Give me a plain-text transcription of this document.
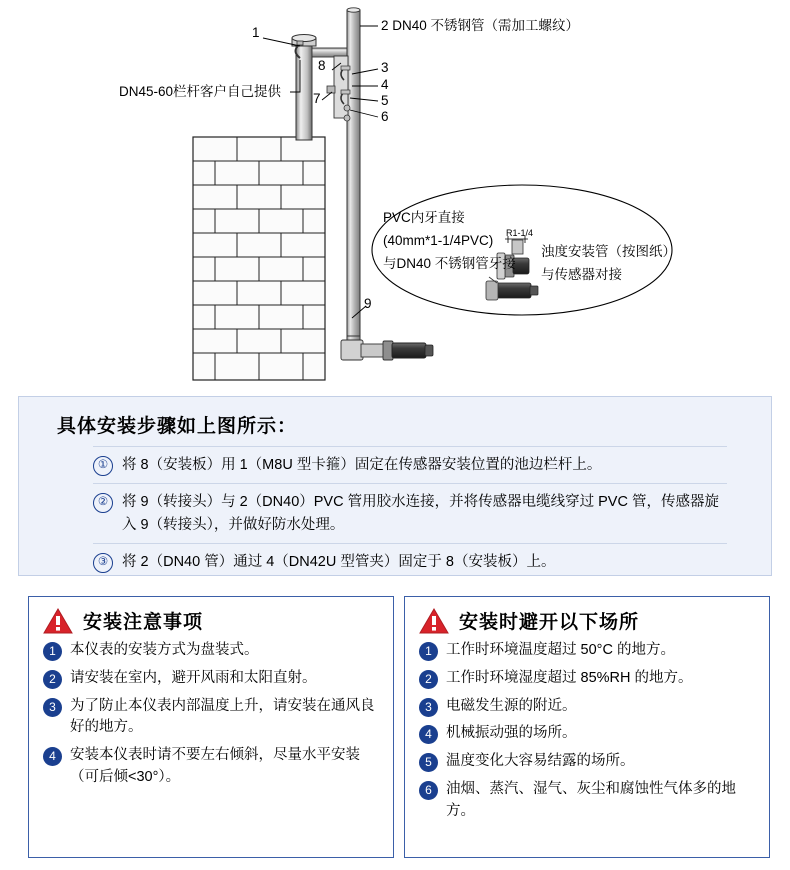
DN45-60栏杆客户自己提供
2 DN40 不锈钢管（需加工螺纹）
PVC内牙直接
(40mm*1-1/4PVC)
与DN40 不锈钢管牙接
浊度安装管（按图纸）
与传感器对接
R1-1/4
1
3
4
5
6
7
8
9
具体安装步骤如上图所示：
① 将 8（安装板）用 1（M8U 型卡箍）固定在传感器安装位置的池边栏杆上。
② 将 9（转接头）与 2（DN40）PVC 管用胶水连接，并将传感器电缆线穿过 PVC 管，传感器旋入 9（转接头），并做好防水处理。
③ 将 2（DN40 管）通过 4（DN42U 型管夹）固定于 8（安装板）上。
安装注意事项
1 本仪表的安装方式为盘装式。
2 请安装在室内，避开风雨和太阳直射。
3 为了防止本仪表内部温度上升，请安装在通风良好的地方。
4 安装本仪表时请不要左右倾斜，尽量水平安装（可后倾<30°）。
安装时避开以下场所
1 工作时环境温度超过 50°C 的地方。
2 工作时环境湿度超过 85%RH 的地方。
3 电磁发生源的附近。
4 机械振动强的场所。
5 温度变化大容易结露的场所。
6 油烟、蒸汽、湿气、灰尘和腐蚀性气体多的地方。
